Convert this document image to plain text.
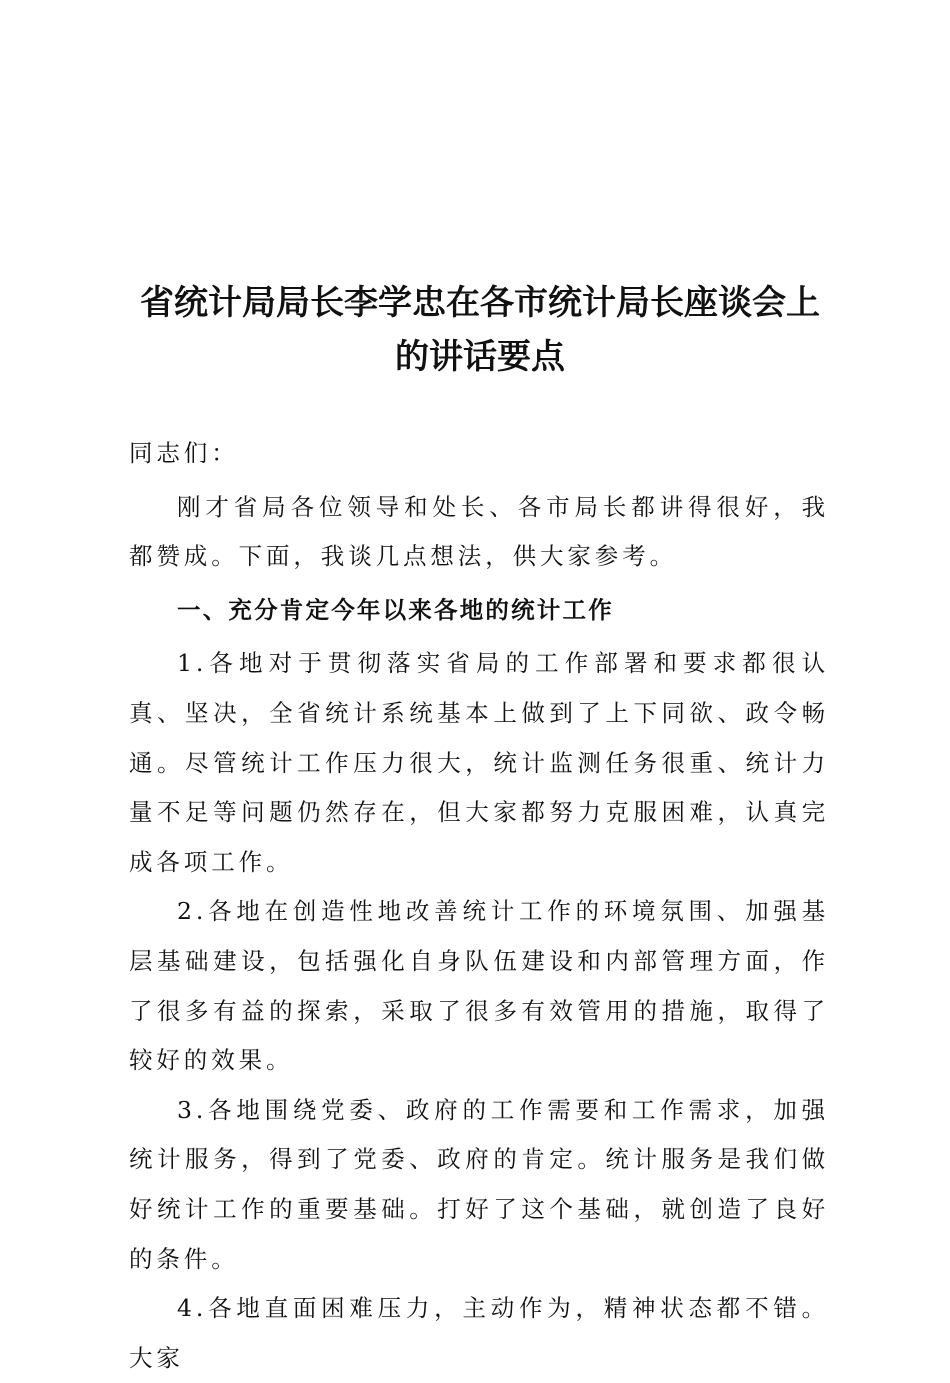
省统计局局长李学忠在各市统计局长座谈会上
的讲话要点

同志们：

刚才省局各位领导和处长、各市局长都讲得很好，我都赞成。下面，我谈几点想法，供大家参考。

一、充分肯定今年以来各地的统计工作

1.各地对于贯彻落实省局的工作部署和要求都很认真、坚决，全省统计系统基本上做到了上下同欲、政令畅通。尽管统计工作压力很大，统计监测任务很重、统计力量不足等问题仍然存在，但大家都努力克服困难，认真完成各项工作。

2.各地在创造性地改善统计工作的环境氛围、加强基层基础建设，包括强化自身队伍建设和内部管理方面，作了很多有益的探索，采取了很多有效管用的措施，取得了较好的效果。

3.各地围绕党委、政府的工作需要和工作需求，加强统计服务，得到了党委、政府的肯定。统计服务是我们做好统计工作的重要基础。打好了这个基础，就创造了良好的条件。

4.各地直面困难压力，主动作为，精神状态都不错。大家
